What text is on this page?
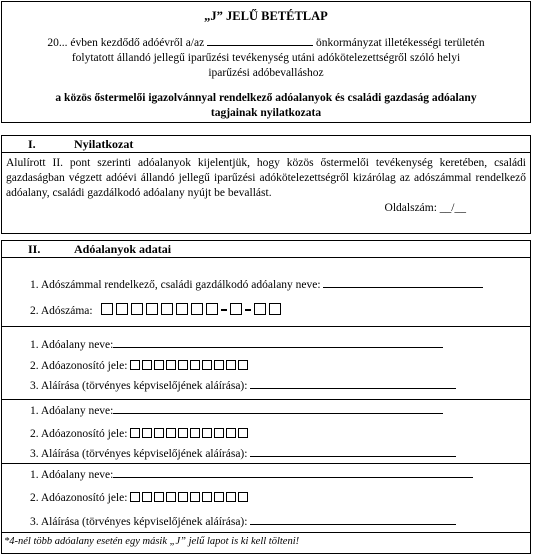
„J” JELŰ BETÉTLAP
20... évben kezdődő adóévről a/az	önkormányzat illetékességi területén
folytatott állandó jellegű iparűzési tevékenység utáni adókötelezettségről szóló helyi
iparűzési adóbevalláshoz
a közös őstermelői igazolvánnyal rendelkező adóalanyok és családi gazdaság adóalany
tagjainak nyilatkozata
I.	Nyilatkozat
Alulírott II. pont szerinti adóalanyok kijelentjük, hogy közös őstermelői tevékenység keretében, családi gazdaságban végzett adóévi állandó jellegű iparűzési adókötelezettségről kizárólag az adószámmal rendelkező adóalany, családi gazdálkodó adóalany nyújt be bevallást.
Oldalszám: __/__
II.	Adóalanyok adatai
1. Adószámmal rendelkező, családi gazdálkodó adóalany neve:
2. Adószáma:
1. Adóalany neve:
2. Adóazonosító jele:
3. Aláírása (törvényes képviselőjének aláírása):
1. Adóalany neve:
2. Adóazonosító jele:
3. Aláírása (törvényes képviselőjének aláírása):
1. Adóalany neve:
2. Adóazonosító jele:
3. Aláírása (törvényes képviselőjének aláírása):
*4-nél több adóalany esetén egy másik „J” jelű lapot is ki kell tölteni!
